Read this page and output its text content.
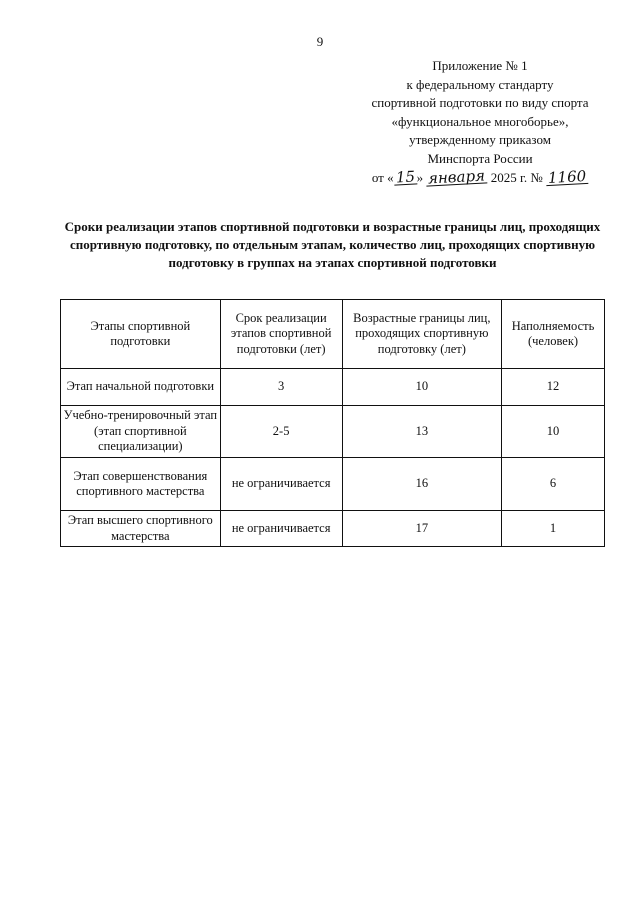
9
Приложение № 1
к федеральному стандарту
спортивной подготовки по виду спорта
«функциональное многоборье»,
утвержденному приказом
Минспорта России
от « 15 » января 2025 г. № 1160
Сроки реализации этапов спортивной подготовки и возрастные границы лиц, проходящих спортивную подготовку, по отдельным этапам, количество лиц, проходящих спортивную подготовку в группах на этапах спортивной подготовки
Этапы спортивной подготовки	Срок реализации этапов спортивной подготовки (лет)	Возрастные границы лиц, проходящих спортивную подготовку (лет)	Наполняемость (человек)
Этап начальной подготовки	3	10	12
Учебно-тренировочный этап (этап спортивной специализации)	2-5	13	10
Этап совершенствования спортивного мастерства	не ограничивается	16	6
Этап высшего спортивного мастерства	не ограничивается	17	1
